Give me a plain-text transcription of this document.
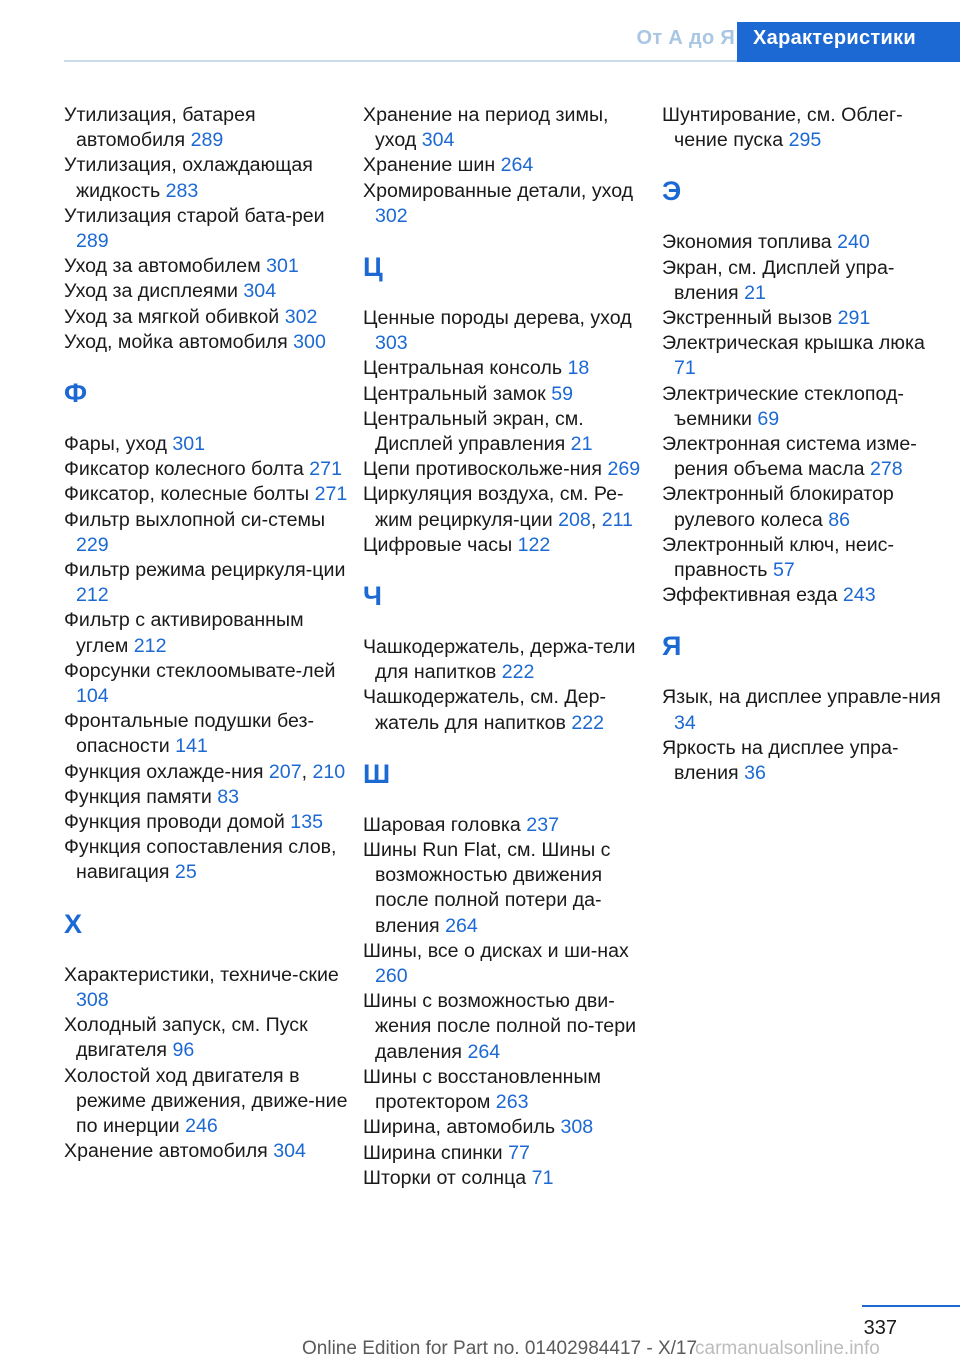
От А до Я Характеристики
Утилизация, батарея автомобиля 289
Утилизация, охлаждающая жидкость 283
Утилизация старой бата-реи 289
Уход за автомобилем 301
Уход за дисплеями 304
Уход за мягкой обивкой 302
Уход, мойка автомобиля 300
Ф
Фары, уход 301
Фиксатор колесного болта 271
Фиксатор, колесные болты 271
Фильтр выхлопной си-стемы 229
Фильтр режима рециркуля-ции 212
Фильтр с активированным углем 212
Форсунки стеклоомывате-лей 104
Фронтальные подушки без-опасности 141
Функция охлажде-ния 207, 210
Функция памяти 83
Функция проводи домой 135
Функция сопоставления слов, навигация 25
Х
Характеристики, техниче-ские 308
Холодный запуск, см. Пуск двигателя 96
Холостой ход двигателя в режиме движения, движе-ние по инерции 246
Хранение автомобиля 304
Хранение на период зимы, уход 304
Хранение шин 264
Хромированные детали, уход 302
Ц
Ценные породы дерева, уход 303
Центральная консоль 18
Центральный замок 59
Центральный экран, см. Дисплей управления 21
Цепи противоскольже-ния 269
Циркуляция воздуха, см. Ре-жим рециркуля-ции 208, 211
Цифровые часы 122
Ч
Чашкодержатель, держа-тели для напитков 222
Чашкодержатель, см. Дер-жатель для напитков 222
Ш
Шаровая головка 237
Шины Run Flat, см. Шины с возможностью движения после полной потери да-вления 264
Шины, все о дисках и ши-нах 260
Шины с возможностью дви-жения после полной по-тери давления 264
Шины с восстановленным протектором 263
Ширина, автомобиль 308
Ширина спинки 77
Шторки от солнца 71
Шунтирование, см. Облег-чение пуска 295
Э
Экономия топлива 240
Экран, см. Дисплей упра-вления 21
Экстренный вызов 291
Электрическая крышка люка 71
Электрические стеклопод-ъемники 69
Электронная система изме-рения объема масла 278
Электронный блокиратор рулевого колеса 86
Электронный ключ, неис-правность 57
Эффективная езда 243
Я
Язык, на дисплее управле-ния 34
Яркость на дисплее упра-вления 36
337
Online Edition for Part no. 01402984417 - X/17
carmanualsonline.info
